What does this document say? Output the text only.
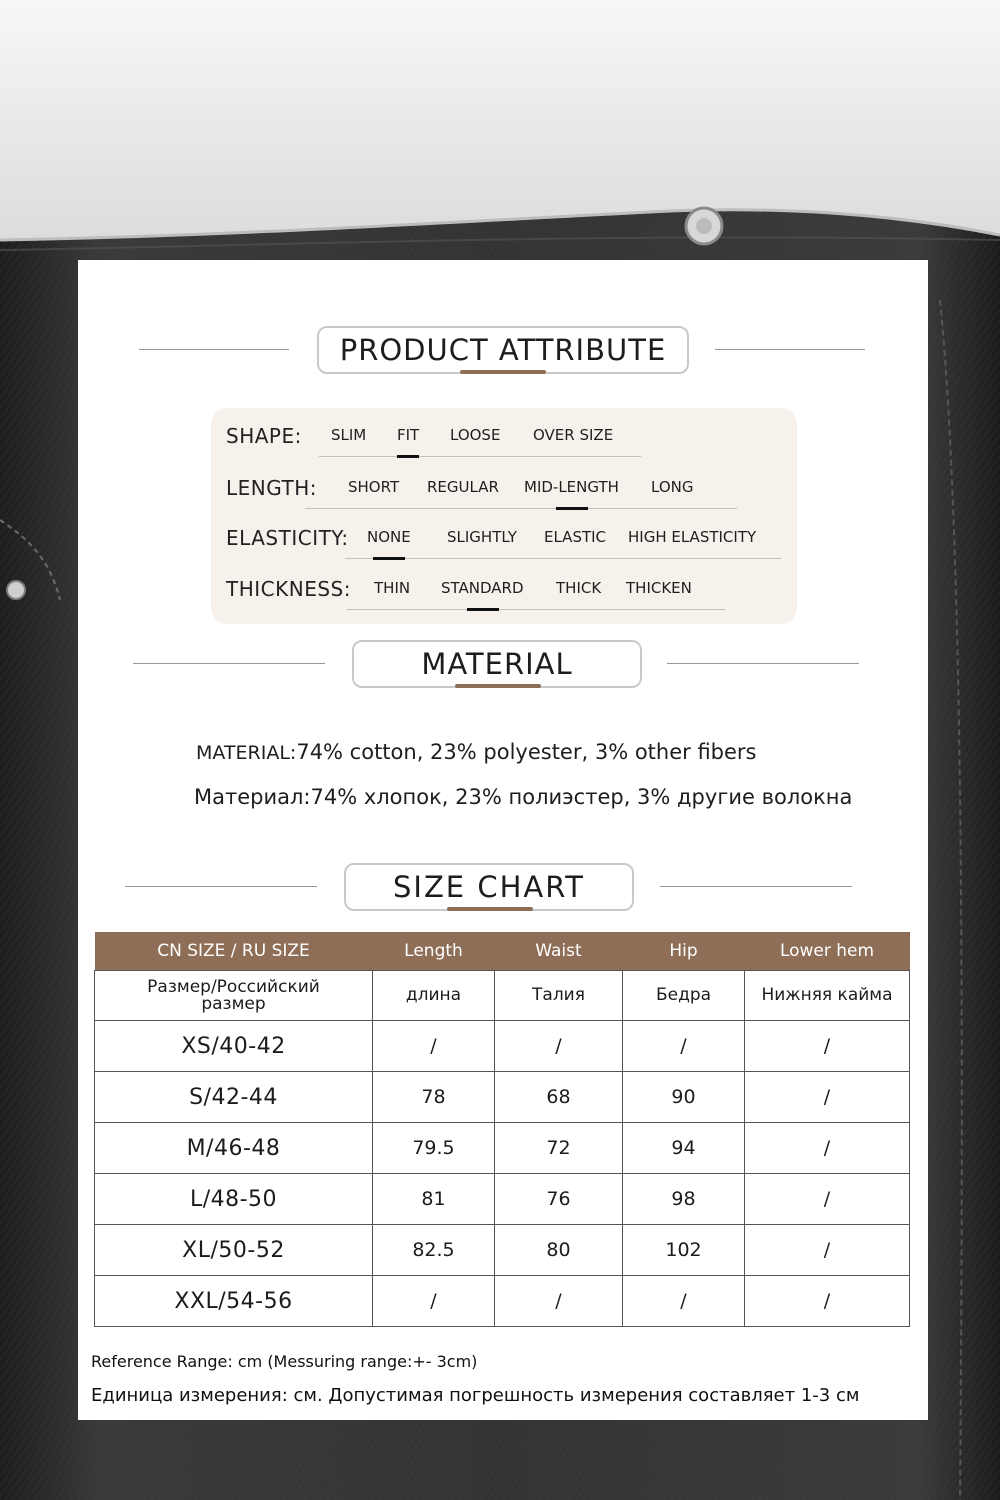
PRODUCT ATTRIBUTE
SHAPE: SLIM FIT LOOSE OVER SIZE
LENGTH: SHORT REGULAR MID-LENGTH LONG
ELASTICITY: NONE SLIGHTLY ELASTIC HIGH ELASTICITY
THICKNESS: THIN STANDARD THICK THICKEN
MATERIAL
MATERIAL:74% cotton, 23% polyester, 3% other fibers
Материал:74% хлопок, 23% полиэстер, 3% другие волокна
SIZE CHART
CN SIZE / RU SIZE	Length	Waist	Hip	Lower hem
Размер/Российский размер	длина	Талия	Бедра	Нижняя кайма
XS/40-42	/	/	/	/
S/42-44	78	68	90	/
M/46-48	79.5	72	94	/
L/48-50	81	76	98	/
XL/50-52	82.5	80	102	/
XXL/54-56	/	/	/	/
Reference Range: cm (Messuring range:+- 3cm)
Единица измерения: см. Допустимая погрешность измерения составляет 1-3 см
